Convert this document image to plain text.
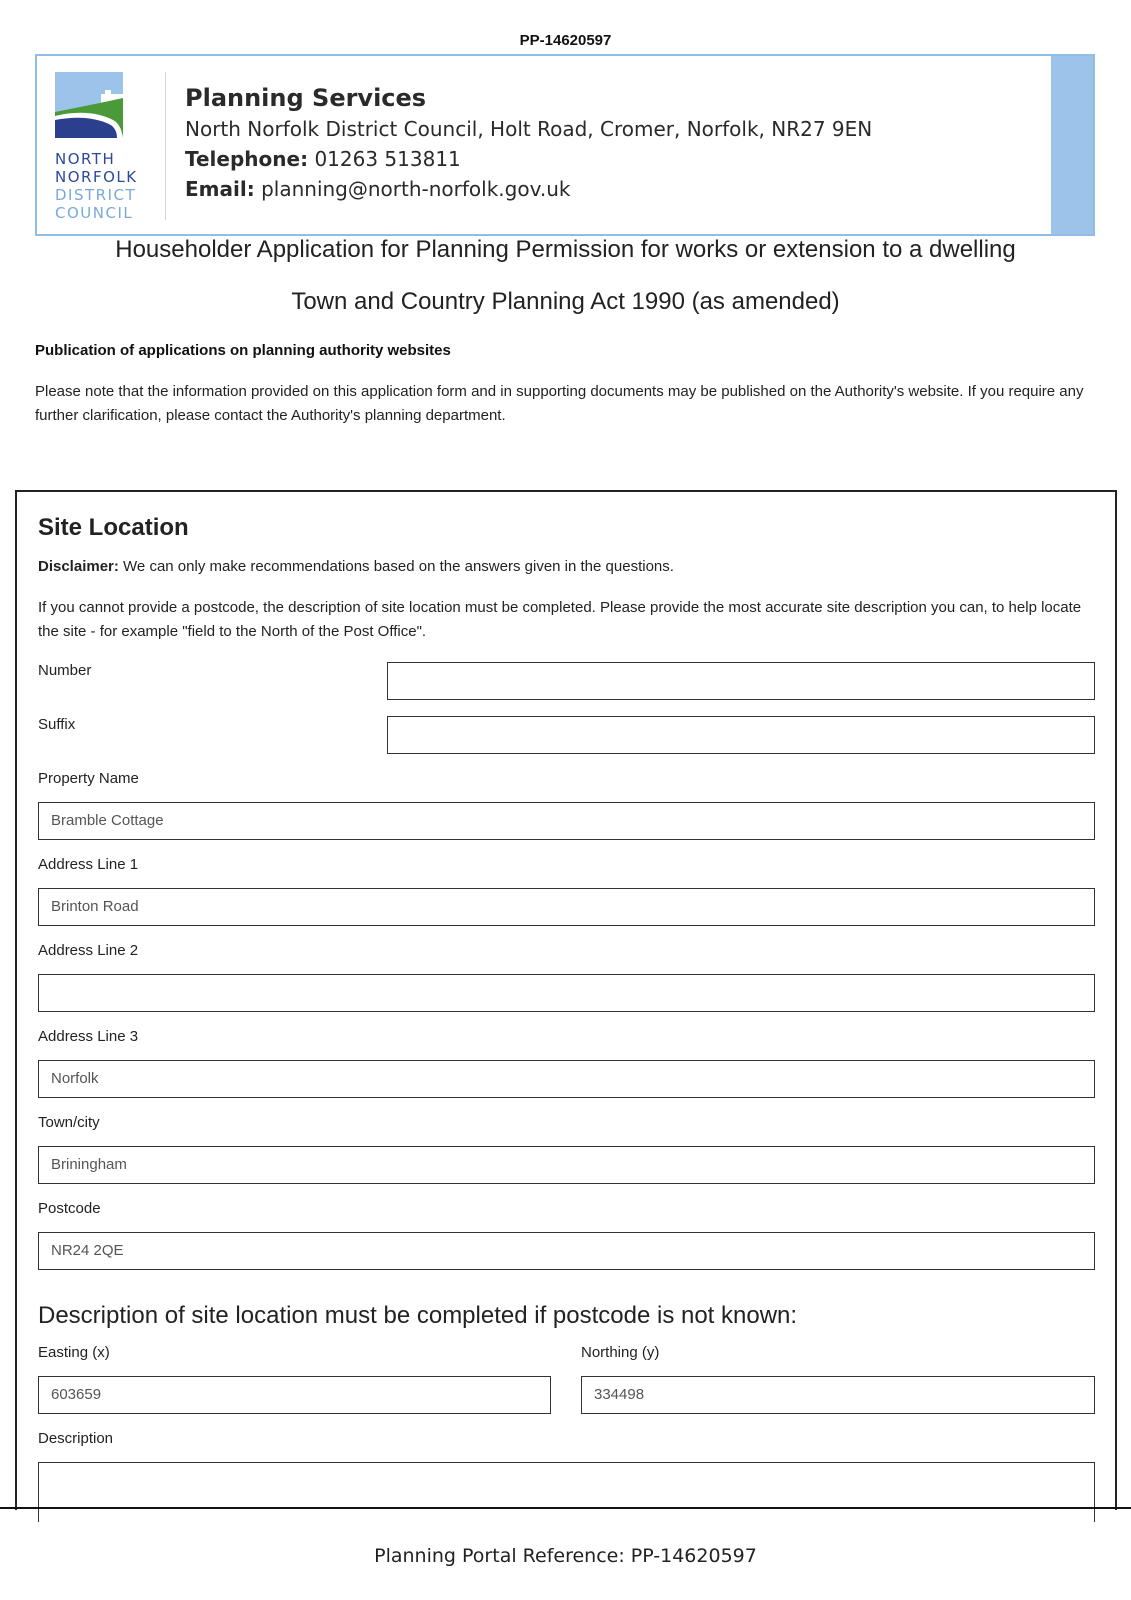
PP-14620597
NORTH
NORFOLK
DISTRICT
COUNCIL
Planning Services
North Norfolk District Council, Holt Road, Cromer, Norfolk, NR27 9EN
Telephone: 01263 513811
Email: planning@north-norfolk.gov.uk
Householder Application for Planning Permission for works or extension to a dwelling
Town and Country Planning Act 1990 (as amended)
Publication of applications on planning authority websites
Please note that the information provided on this application form and in supporting documents may be published on the Authority's website. If you require any further clarification, please contact the Authority's planning department.
Site Location
Disclaimer: We can only make recommendations based on the answers given in the questions.
If you cannot provide a postcode, the description of site location must be completed. Please provide the most accurate site description you can, to help locate the site - for example "field to the North of the Post Office".
Number
Suffix
Property Name
Bramble Cottage
Address Line 1
Brinton Road
Address Line 2
Address Line 3
Norfolk
Town/city
Briningham
Postcode
NR24 2QE
Description of site location must be completed if postcode is not known:
Easting (x)
603659
Northing (y)
334498
Description
Planning Portal Reference: PP-14620597
